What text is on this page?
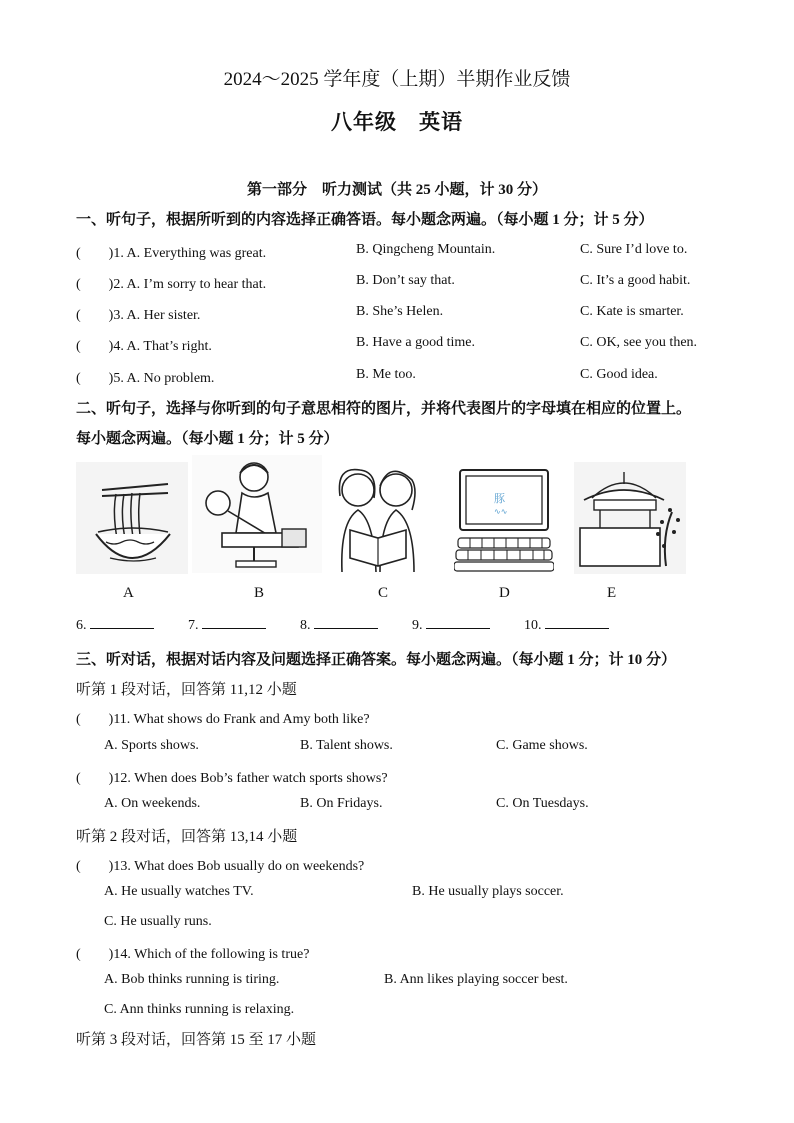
2024～2025 学年度（上期）半期作业反馈
八年级　英语
第一部分　听力测试（共 25 小题，计 30 分）
一、听句子，根据所听到的内容选择正确答语。每小题念两遍。（每小题 1 分；计 5 分）
(　　)1. A. Everything was great.	B. Qingcheng Mountain.	C. Sure I’d love to.
(　　)2. A. I’m sorry to hear that.	B. Don’t say that.	C. It’s a good habit.
(　　)3. A. Her sister.	B. She’s Helen.	C. Kate is smarter.
(　　)4. A. That’s right.	B. Have a good time.	C. OK, see you then.
(　　)5. A. No problem.	B. Me too.	C. Good idea.
二、听句子，选择与你听到的句子意思相符的图片，并将代表图片的字母填在相应的位置上。
每小题念两遍。（每小题 1 分；计 5 分）
A	B	C
豚
∿∿
D	E
6.	7.	8.	9.	10.
三、听对话，根据对话内容及问题选择正确答案。每小题念两遍。（每小题 1 分；计 10 分）
听第 1 段对话，回答第 11,12 小题
(　　)11. What shows do Frank and Amy both like?
A. Sports shows.	B. Talent shows.	C. Game shows.
(　　)12. When does Bob’s father watch sports shows?
A. On weekends.	B. On Fridays.	C. On Tuesdays.
听第 2 段对话，回答第 13,14 小题
(　　)13. What does Bob usually do on weekends?
A. He usually watches TV.	B. He usually plays soccer.
C. He usually runs.
(　　)14. Which of the following is true?
A. Bob thinks running is tiring.	B. Ann likes playing soccer best.
C. Ann thinks running is relaxing.
听第 3 段对话，回答第 15 至 17 小题
